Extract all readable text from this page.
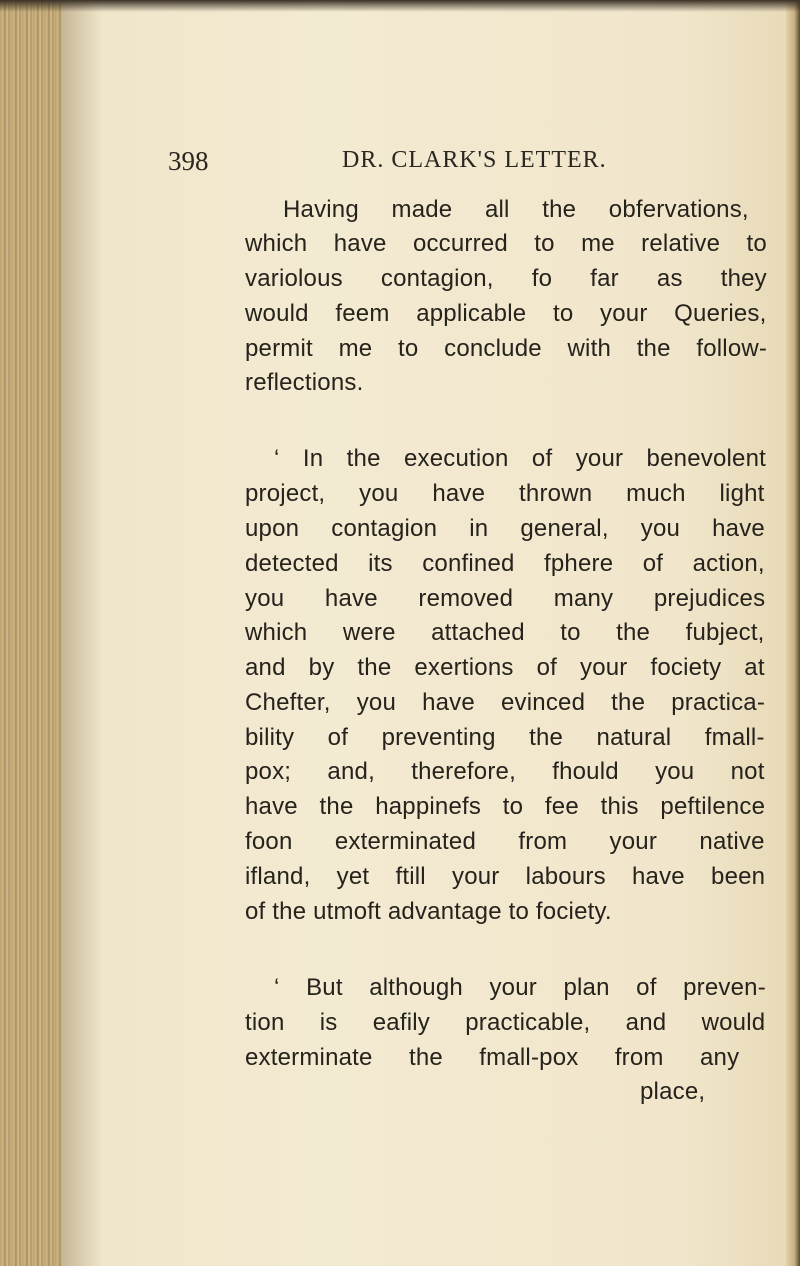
398	DR. CLARK'S LETTER.
Having made all the obfervations,
which have occurred to me relative to
variolous contagion, fo far as they
would feem applicable to your Queries,
permit me to conclude with the follow-
reflections.
‘ In the execution of your benevolent
project, you have thrown much light
upon contagion in general, you have
detected its confined fphere of action,
you have removed many prejudices
which were attached to the fubject,
and by the exertions of your fociety at
Chefter, you have evinced the practica-
bility of preventing the natural fmall-
pox; and, therefore, fhould you not
have the happinefs to fee this peftilence
foon exterminated from your native
ifland, yet ftill your labours have been
of the utmoft advantage to fociety.
‘ But although your plan of preven-
tion is eafily practicable, and would
exterminate the fmall-pox from any
place,
